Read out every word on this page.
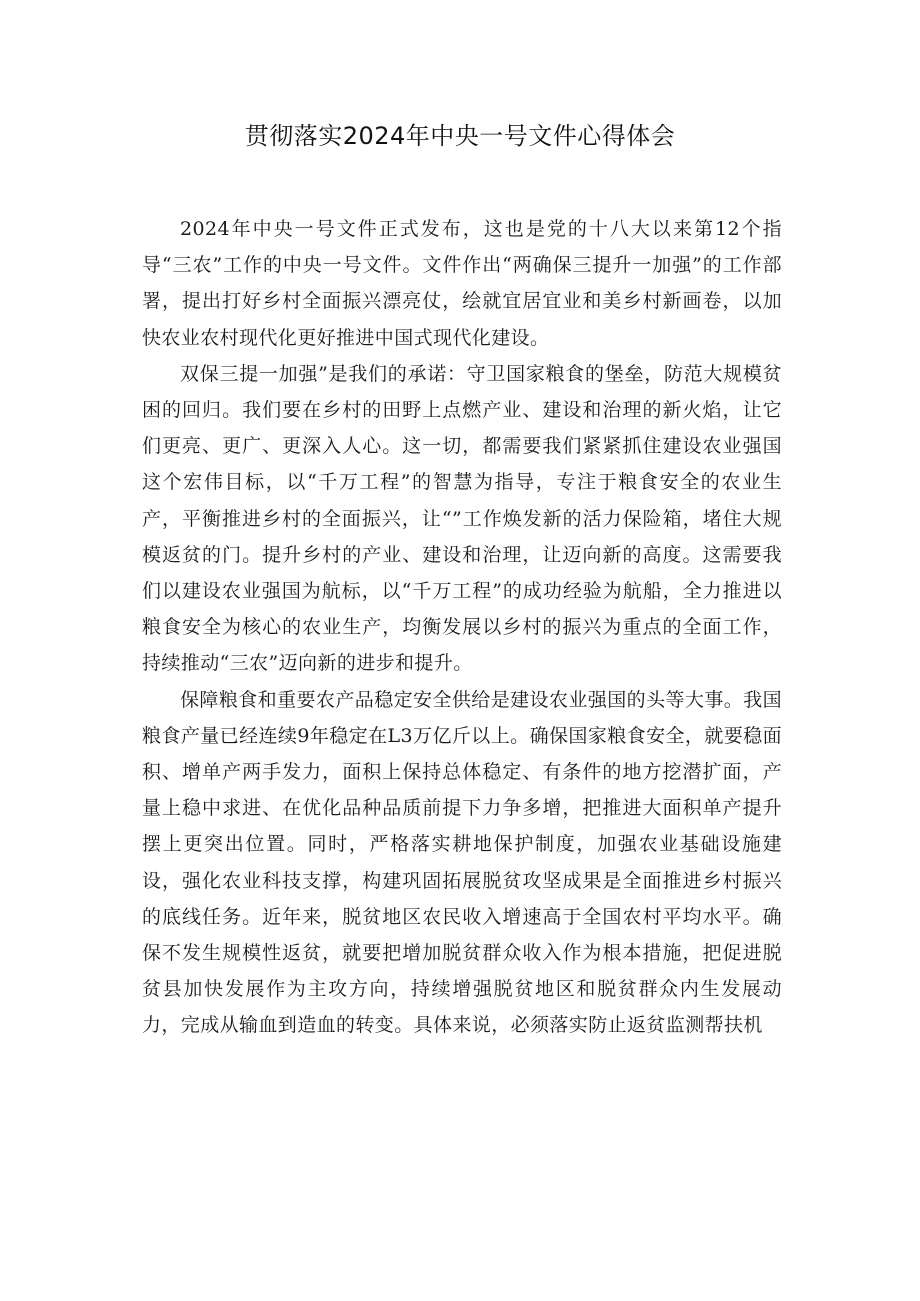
贯彻落实2024年中央一号文件心得体会

2024年中央一号文件正式发布，这也是党的十八大以来第12个指导“三农”工作的中央一号文件。文件作出“两确保三提升一加强”的工作部署，提出打好乡村全面振兴漂亮仗，绘就宜居宜业和美乡村新画卷，以加快农业农村现代化更好推进中国式现代化建设。

双保三提一加强”是我们的承诺：守卫国家粮食的堡垒，防范大规模贫困的回归。我们要在乡村的田野上点燃产业、建设和治理的新火焰，让它们更亮、更广、更深入人心。这一切，都需要我们紧紧抓住建设农业强国这个宏伟目标，以“千万工程”的智慧为指导，专注于粮食安全的农业生产，平衡推进乡村的全面振兴，让“”工作焕发新的活力保险箱，堵住大规模返贫的门。提升乡村的产业、建设和治理，让迈向新的高度。这需要我们以建设农业强国为航标，以“千万工程”的成功经验为航船，全力推进以粮食安全为核心的农业生产，均衡发展以乡村的振兴为重点的全面工作，持续推动“三农”迈向新的进步和提升。

保障粮食和重要农产品稳定安全供给是建设农业强国的头等大事。我国粮食产量已经连续9年稳定在L3万亿斤以上。确保国家粮食安全，就要稳面积、增单产两手发力，面积上保持总体稳定、有条件的地方挖潜扩面，产量上稳中求进、在优化品种品质前提下力争多增，把推进大面积单产提升摆上更突出位置。同时，严格落实耕地保护制度，加强农业基础设施建设，强化农业科技支撑，构建巩固拓展脱贫攻坚成果是全面推进乡村振兴的底线任务。近年来，脱贫地区农民收入增速高于全国农村平均水平。确保不发生规模性返贫，就要把增加脱贫群众收入作为根本措施，把促进脱贫县加快发展作为主攻方向，持续增强脱贫地区和脱贫群众内生发展动力，完成从输血到造血的转变。具体来说，必须落实防止返贫监测帮扶机
